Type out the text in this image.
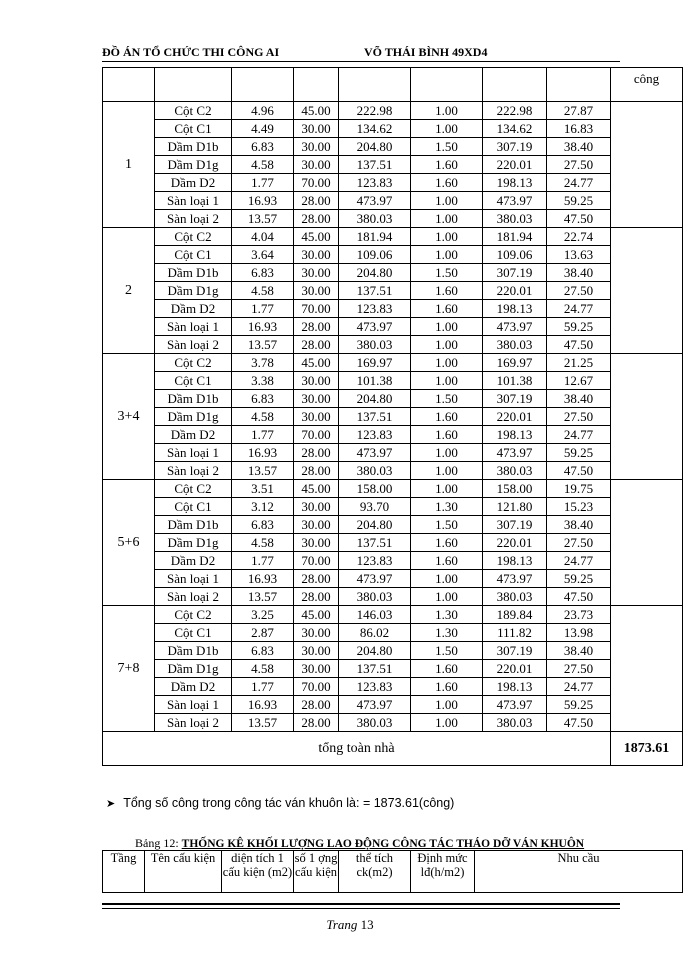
ĐỒ ÁN TỔ CHỨC THI CÔNG AI	VÕ THÁI BÌNH 49XD4
								công	
1	Cột C2	4.96	45.00	222.98	1.00	222.98	27.87		
	Cột C1	4.49	30.00	134.62	1.00	134.62	16.83		
	Dầm D1b	6.83	30.00	204.80	1.50	307.19	38.40		
	Dầm D1g	4.58	30.00	137.51	1.60	220.01	27.50		
	Dầm D2	1.77	70.00	123.83	1.60	198.13	24.77		
	Sàn loại 1	16.93	28.00	473.97	1.00	473.97	59.25		
	Sàn loại 2	13.57	28.00	380.03	1.00	380.03	47.50		
2	Cột C2	4.04	45.00	181.94	1.00	181.94	22.74		
	Cột C1	3.64	30.00	109.06	1.00	109.06	13.63		
	Dầm D1b	6.83	30.00	204.80	1.50	307.19	38.40		
	Dầm D1g	4.58	30.00	137.51	1.60	220.01	27.50		
	Dầm D2	1.77	70.00	123.83	1.60	198.13	24.77		
	Sàn loại 1	16.93	28.00	473.97	1.00	473.97	59.25		
	Sàn loại 2	13.57	28.00	380.03	1.00	380.03	47.50		
3+4	Cột C2	3.78	45.00	169.97	1.00	169.97	21.25		
	Cột C1	3.38	30.00	101.38	1.00	101.38	12.67		
	Dầm D1b	6.83	30.00	204.80	1.50	307.19	38.40		
	Dầm D1g	4.58	30.00	137.51	1.60	220.01	27.50		
	Dầm D2	1.77	70.00	123.83	1.60	198.13	24.77		
	Sàn loại 1	16.93	28.00	473.97	1.00	473.97	59.25		
	Sàn loại 2	13.57	28.00	380.03	1.00	380.03	47.50		
5+6	Cột C2	3.51	45.00	158.00	1.00	158.00	19.75		
	Cột C1	3.12	30.00	93.70	1.30	121.80	15.23		
	Dầm D1b	6.83	30.00	204.80	1.50	307.19	38.40		
	Dầm D1g	4.58	30.00	137.51	1.60	220.01	27.50		
	Dầm D2	1.77	70.00	123.83	1.60	198.13	24.77		
	Sàn loại 1	16.93	28.00	473.97	1.00	473.97	59.25		
	Sàn loại 2	13.57	28.00	380.03	1.00	380.03	47.50		
7+8	Cột C2	3.25	45.00	146.03	1.30	189.84	23.73		
	Cột C1	2.87	30.00	86.02	1.30	111.82	13.98		
	Dầm D1b	6.83	30.00	204.80	1.50	307.19	38.40		
	Dầm D1g	4.58	30.00	137.51	1.60	220.01	27.50		
	Dầm D2	1.77	70.00	123.83	1.60	198.13	24.77		
	Sàn loại 1	16.93	28.00	473.97	1.00	473.97	59.25		
	Sàn loại 2	13.57	28.00	380.03	1.00	380.03	47.50		
tổng toàn nhà								1873.61	
➤ Tổng số công trong công tác ván khuôn là: = 1873.61(công)
Bảng 12: THỐNG KÊ KHỐI LƯỢNG LAO ĐỘNG CÔNG TÁC THÁO DỠ VÁN KHUÔN
Tầng	Tên cấu kiện	diện tích 1 cấu kiện (m2)	số 1 ợng cấu kiện	thể tích ck(m2)	Định mức lđ(h/m2)	Nhu cầu
Trang 13
